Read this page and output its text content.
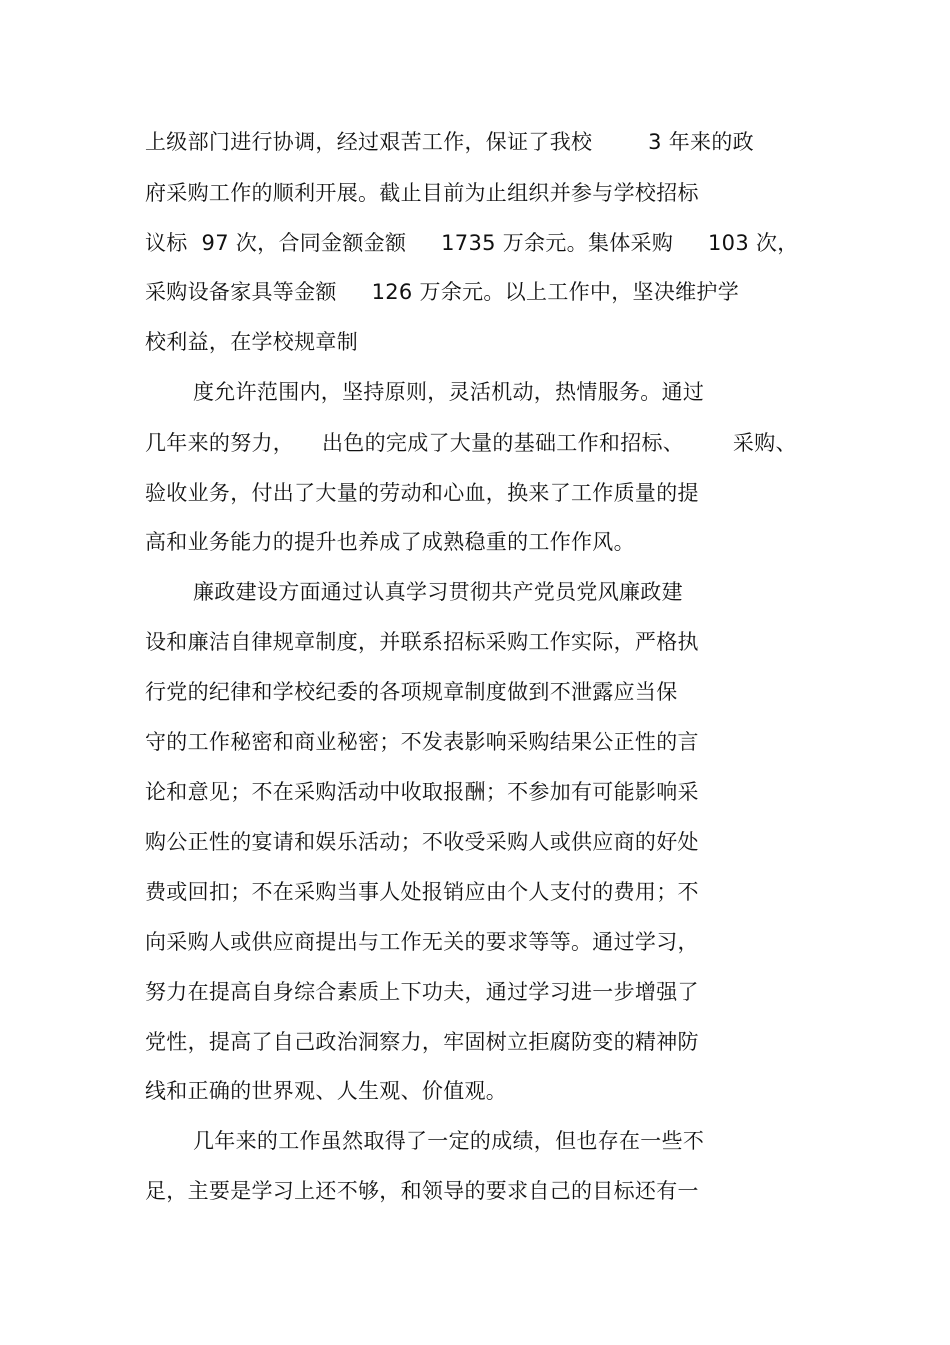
上级部门进行协调，经过艰苦工作，保证了我校        3 年来的政
府采购工作的顺利开展。截止目前为止组织并参与学校招标
议标  97 次，合同金额金额     1735 万余元。集体采购     103 次，
采购设备家具等金额     126 万余元。以上工作中，坚决维护学
校利益，在学校规章制
度允许范围内，坚持原则，灵活机动，热情服务。通过
几年来的努力，    出色的完成了大量的基础工作和招标、       采购、
验收业务，付出了大量的劳动和心血，换来了工作质量的提
高和业务能力的提升也养成了成熟稳重的工作作风。
廉政建设方面通过认真学习贯彻共产党员党风廉政建
设和廉洁自律规章制度，并联系招标采购工作实际，严格执
行党的纪律和学校纪委的各项规章制度做到不泄露应当保
守的工作秘密和商业秘密；不发表影响采购结果公正性的言
论和意见；不在采购活动中收取报酬；不参加有可能影响采
购公正性的宴请和娱乐活动；不收受采购人或供应商的好处
费或回扣；不在采购当事人处报销应由个人支付的费用；不
向采购人或供应商提出与工作无关的要求等等。通过学习，
努力在提高自身综合素质上下功夫，通过学习进一步增强了
党性，提高了自己政治洞察力，牢固树立拒腐防变的精神防
线和正确的世界观、人生观、价值观。
几年来的工作虽然取得了一定的成绩，但也存在一些不
足，主要是学习上还不够，和领导的要求自己的目标还有一
